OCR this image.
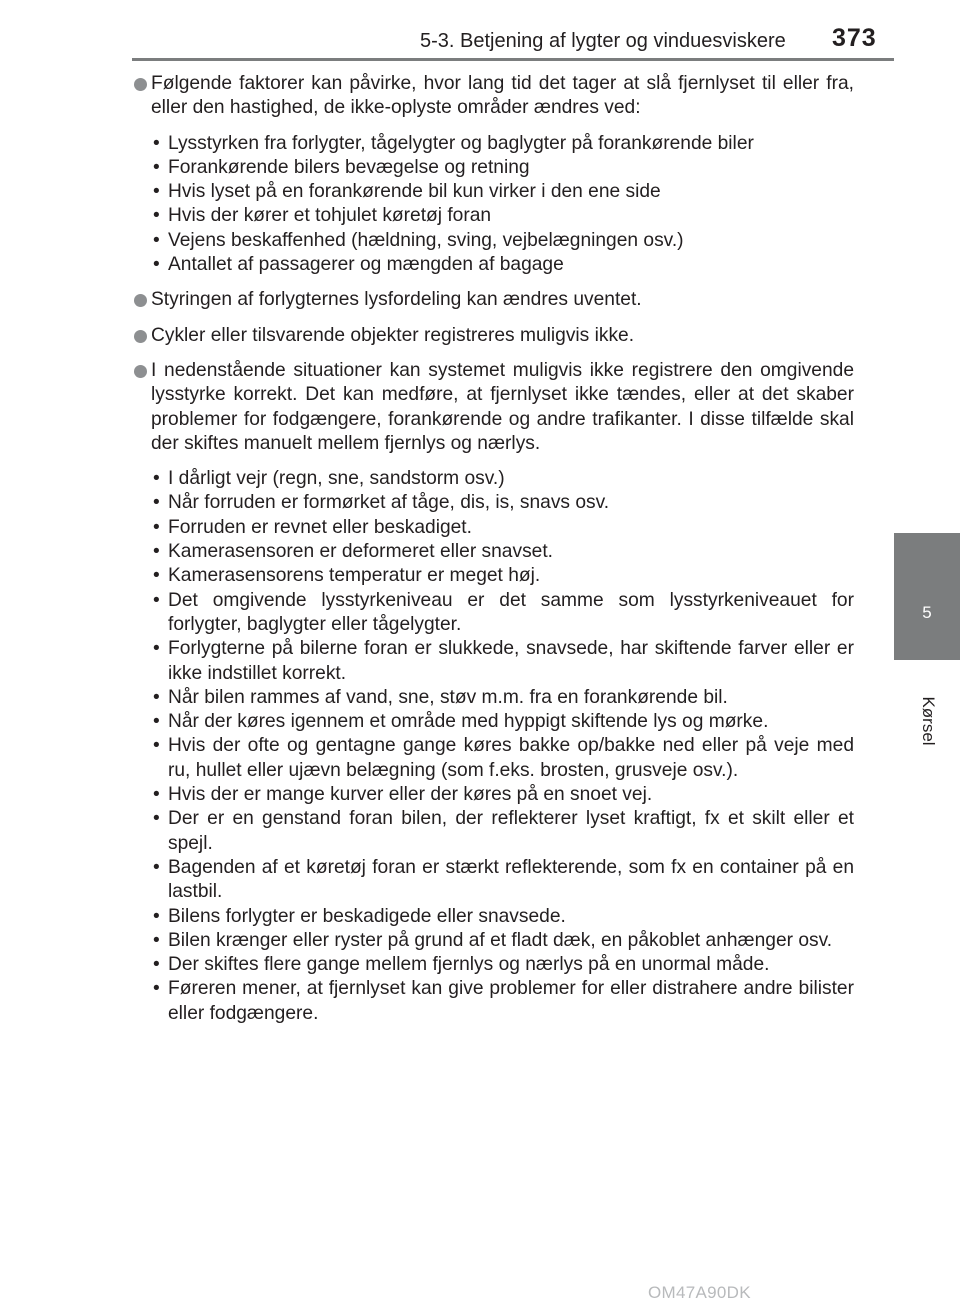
5-3. Betjening af lygter og vinduesviskere 373
5
Kørsel
Følgende faktorer kan påvirke, hvor lang tid det tager at slå fjernlyset til eller fra, eller den hastighed, de ikke-oplyste områder ændres ved:
• Lysstyrken fra forlygter, tågelygter og baglygter på forankørende biler
• Forankørende bilers bevægelse og retning
• Hvis lyset på en forankørende bil kun virker i den ene side
• Hvis der kører et tohjulet køretøj foran
• Vejens beskaffenhed (hældning, sving, vejbelægningen osv.)
• Antallet af passagerer og mængden af bagage
Styringen af forlygternes lysfordeling kan ændres uventet.
Cykler eller tilsvarende objekter registreres muligvis ikke.
I nedenstående situationer kan systemet muligvis ikke registrere den omgivende lysstyrke korrekt. Det kan medføre, at fjernlyset ikke tændes, eller at det skaber problemer for fodgængere, forankørende og andre trafikanter. I disse tilfælde skal der skiftes manuelt mellem fjernlys og nærlys.
• I dårligt vejr (regn, sne, sandstorm osv.)
• Når forruden er formørket af tåge, dis, is, snavs osv.
• Forruden er revnet eller beskadiget.
• Kamerasensoren er deformeret eller snavset.
• Kamerasensorens temperatur er meget høj.
• Det omgivende lysstyrkeniveau er det samme som lysstyrkeniveauet for forlygter, baglygter eller tågelygter.
• Forlygterne på bilerne foran er slukkede, snavsede, har skiftende farver eller er ikke indstillet korrekt.
• Når bilen rammes af vand, sne, støv m.m. fra en forankørende bil.
• Når der køres igennem et område med hyppigt skiftende lys og mørke.
• Hvis der ofte og gentagne gange køres bakke op/bakke ned eller på veje med ru, hullet eller ujævn belægning (som f.eks. brosten, grusveje osv.).
• Hvis der er mange kurver eller der køres på en snoet vej.
• Der er en genstand foran bilen, der reflekterer lyset kraftigt, fx et skilt eller et spejl.
• Bagenden af et køretøj foran er stærkt reflekterende, som fx en container på en lastbil.
• Bilens forlygter er beskadigede eller snavsede.
• Bilen krænger eller ryster på grund af et fladt dæk, en påkoblet anhænger osv.
• Der skiftes flere gange mellem fjernlys og nærlys på en unormal måde.
• Føreren mener, at fjernlyset kan give problemer for eller distrahere andre bilister eller fodgængere.
OM47A90DK
